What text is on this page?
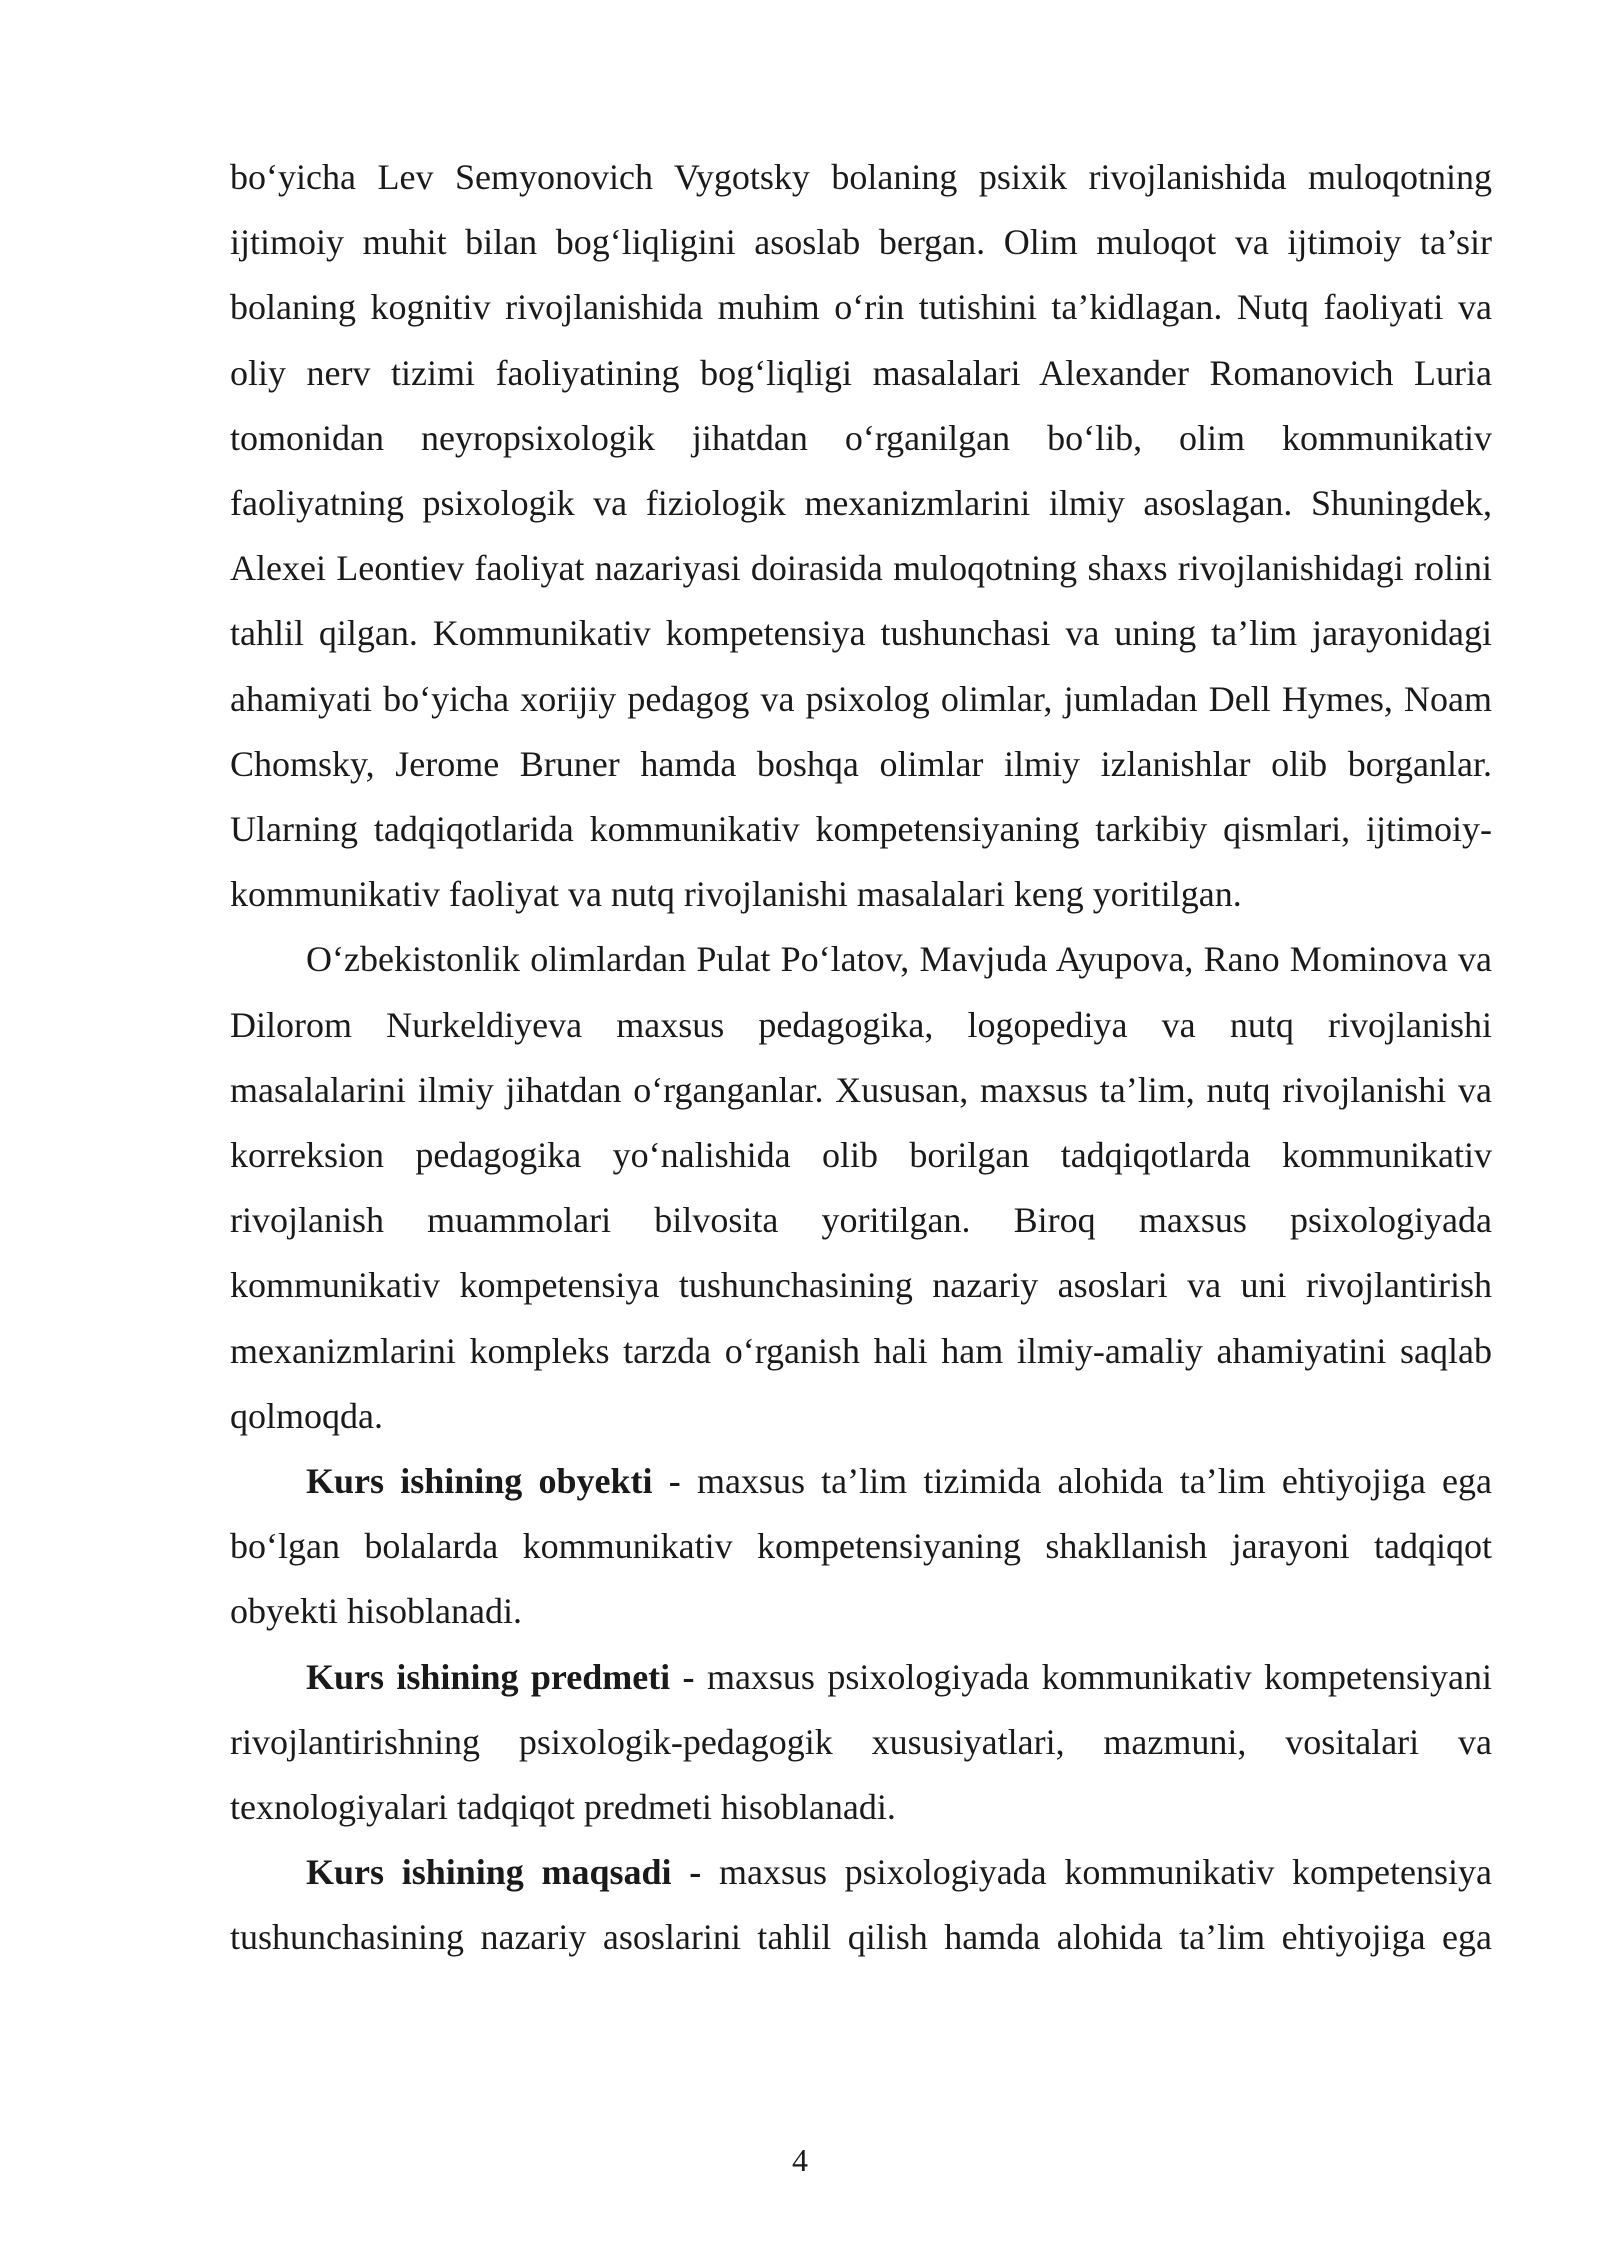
bo‘yicha Lev Semyonovich Vygotsky bolaning psixik rivojlanishida muloqotning ijtimoiy muhit bilan bog‘liqligini asoslab bergan. Olim muloqot va ijtimoiy ta’sir bolaning kognitiv rivojlanishida muhim o‘rin tutishini ta’kidlagan. Nutq faoliyati va oliy nerv tizimi faoliyatining bog‘liqligi masalalari Alexander Romanovich Luria tomonidan neyropsixologik jihatdan o‘rganilgan bo‘lib, olim kommunikativ faoliyatning psixologik va fiziologik mexanizmlarini ilmiy asoslagan. Shuningdek, Alexei Leontiev faoliyat nazariyasi doirasida muloqotning shaxs rivojlanishidagi rolini tahlil qilgan. Kommunikativ kompetensiya tushunchasi va uning ta’lim jarayonidagi ahamiyati bo‘yicha xorijiy pedagog va psixolog olimlar, jumladan Dell Hymes, Noam Chomsky, Jerome Bruner hamda boshqa olimlar ilmiy izlanishlar olib borganlar. Ularning tadqiqotlarida kommunikativ kompetensiyaning tarkibiy qismlari, ijtimoiy-kommunikativ faoliyat va nutq rivojlanishi masalalari keng yoritilgan.

O‘zbekistonlik olimlardan Pulat Po‘latov, Mavjuda Ayupova, Rano Mominova va Dilorom Nurkeldiyeva maxsus pedagogika, logopediya va nutq rivojlanishi masalalarini ilmiy jihatdan o‘rganganlar. Xususan, maxsus ta’lim, nutq rivojlanishi va korreksion pedagogika yo‘nalishida olib borilgan tadqiqotlarda kommunikativ rivojlanish muammolari bilvosita yoritilgan. Biroq maxsus psixologiyada kommunikativ kompetensiya tushunchasining nazariy asoslari va uni rivojlantirish mexanizmlarini kompleks tarzda o‘rganish hali ham ilmiy-amaliy ahamiyatini saqlab qolmoqda.

Kurs ishining obyekti - maxsus ta’lim tizimida alohida ta’lim ehtiyojiga ega bo‘lgan bolalarda kommunikativ kompetensiyaning shakllanish jarayoni tadqiqot obyekti hisoblanadi.

Kurs ishining predmeti - maxsus psixologiyada kommunikativ kompetensiyani rivojlantirishning psixologik-pedagogik xususiyatlari, mazmuni, vositalari va texnologiyalari tadqiqot predmeti hisoblanadi.

Kurs ishining maqsadi - maxsus psixologiyada kommunikativ kompetensiya tushunchasining nazariy asoslarini tahlil qilish hamda alohida ta’lim ehtiyojiga ega

4
